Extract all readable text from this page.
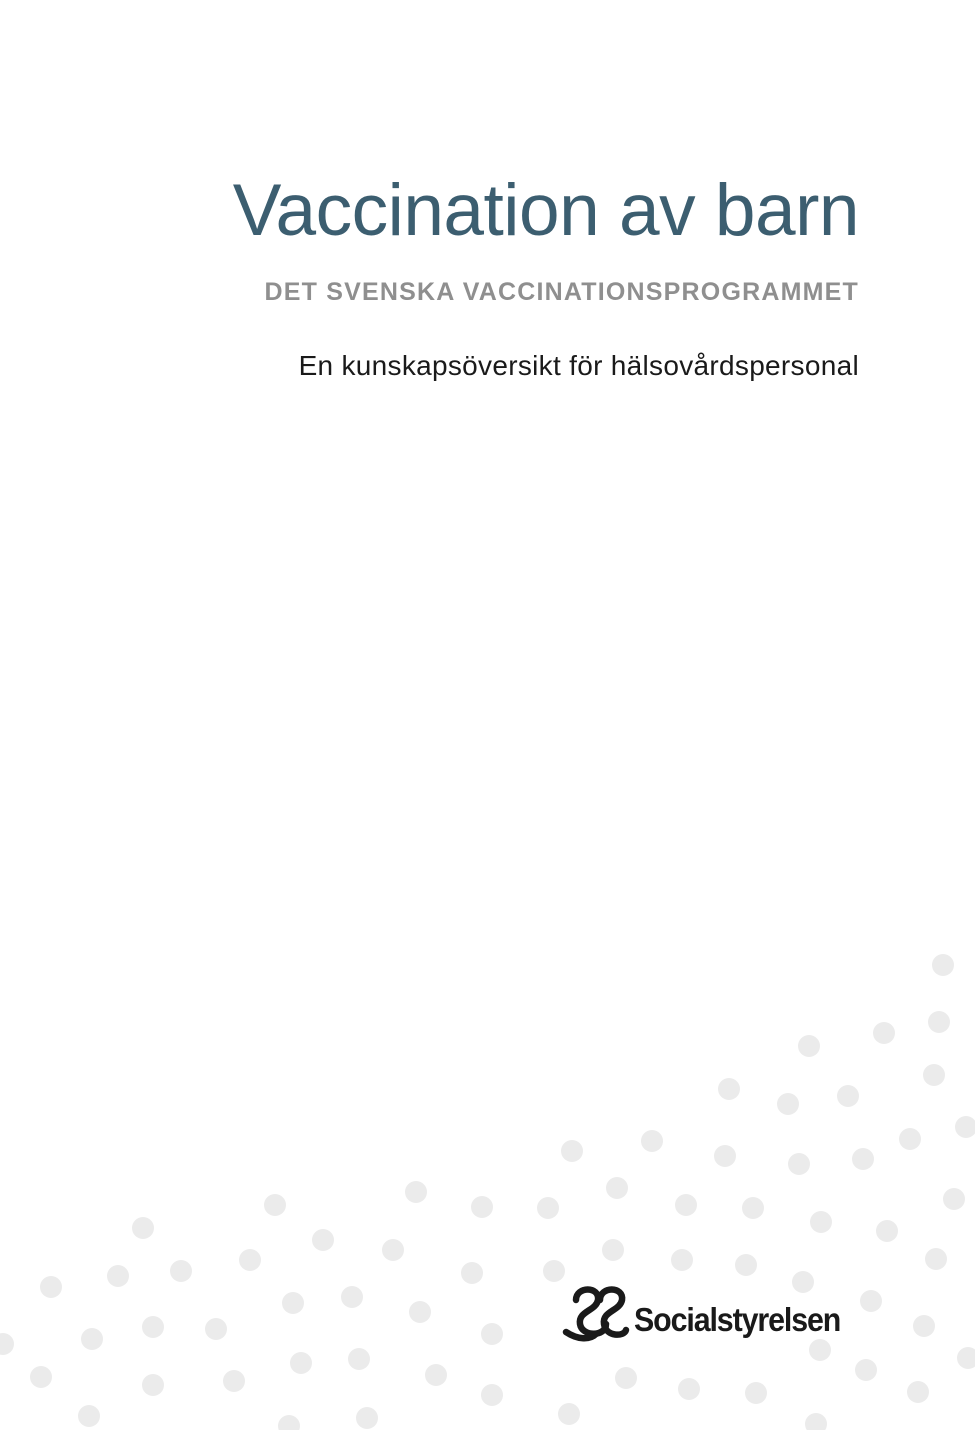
Vaccination av barn
DET SVENSKA VACCINATIONSPROGRAMMET

En kunskapsöversikt för hälsovårdspersonal

Socialstyrelsen
